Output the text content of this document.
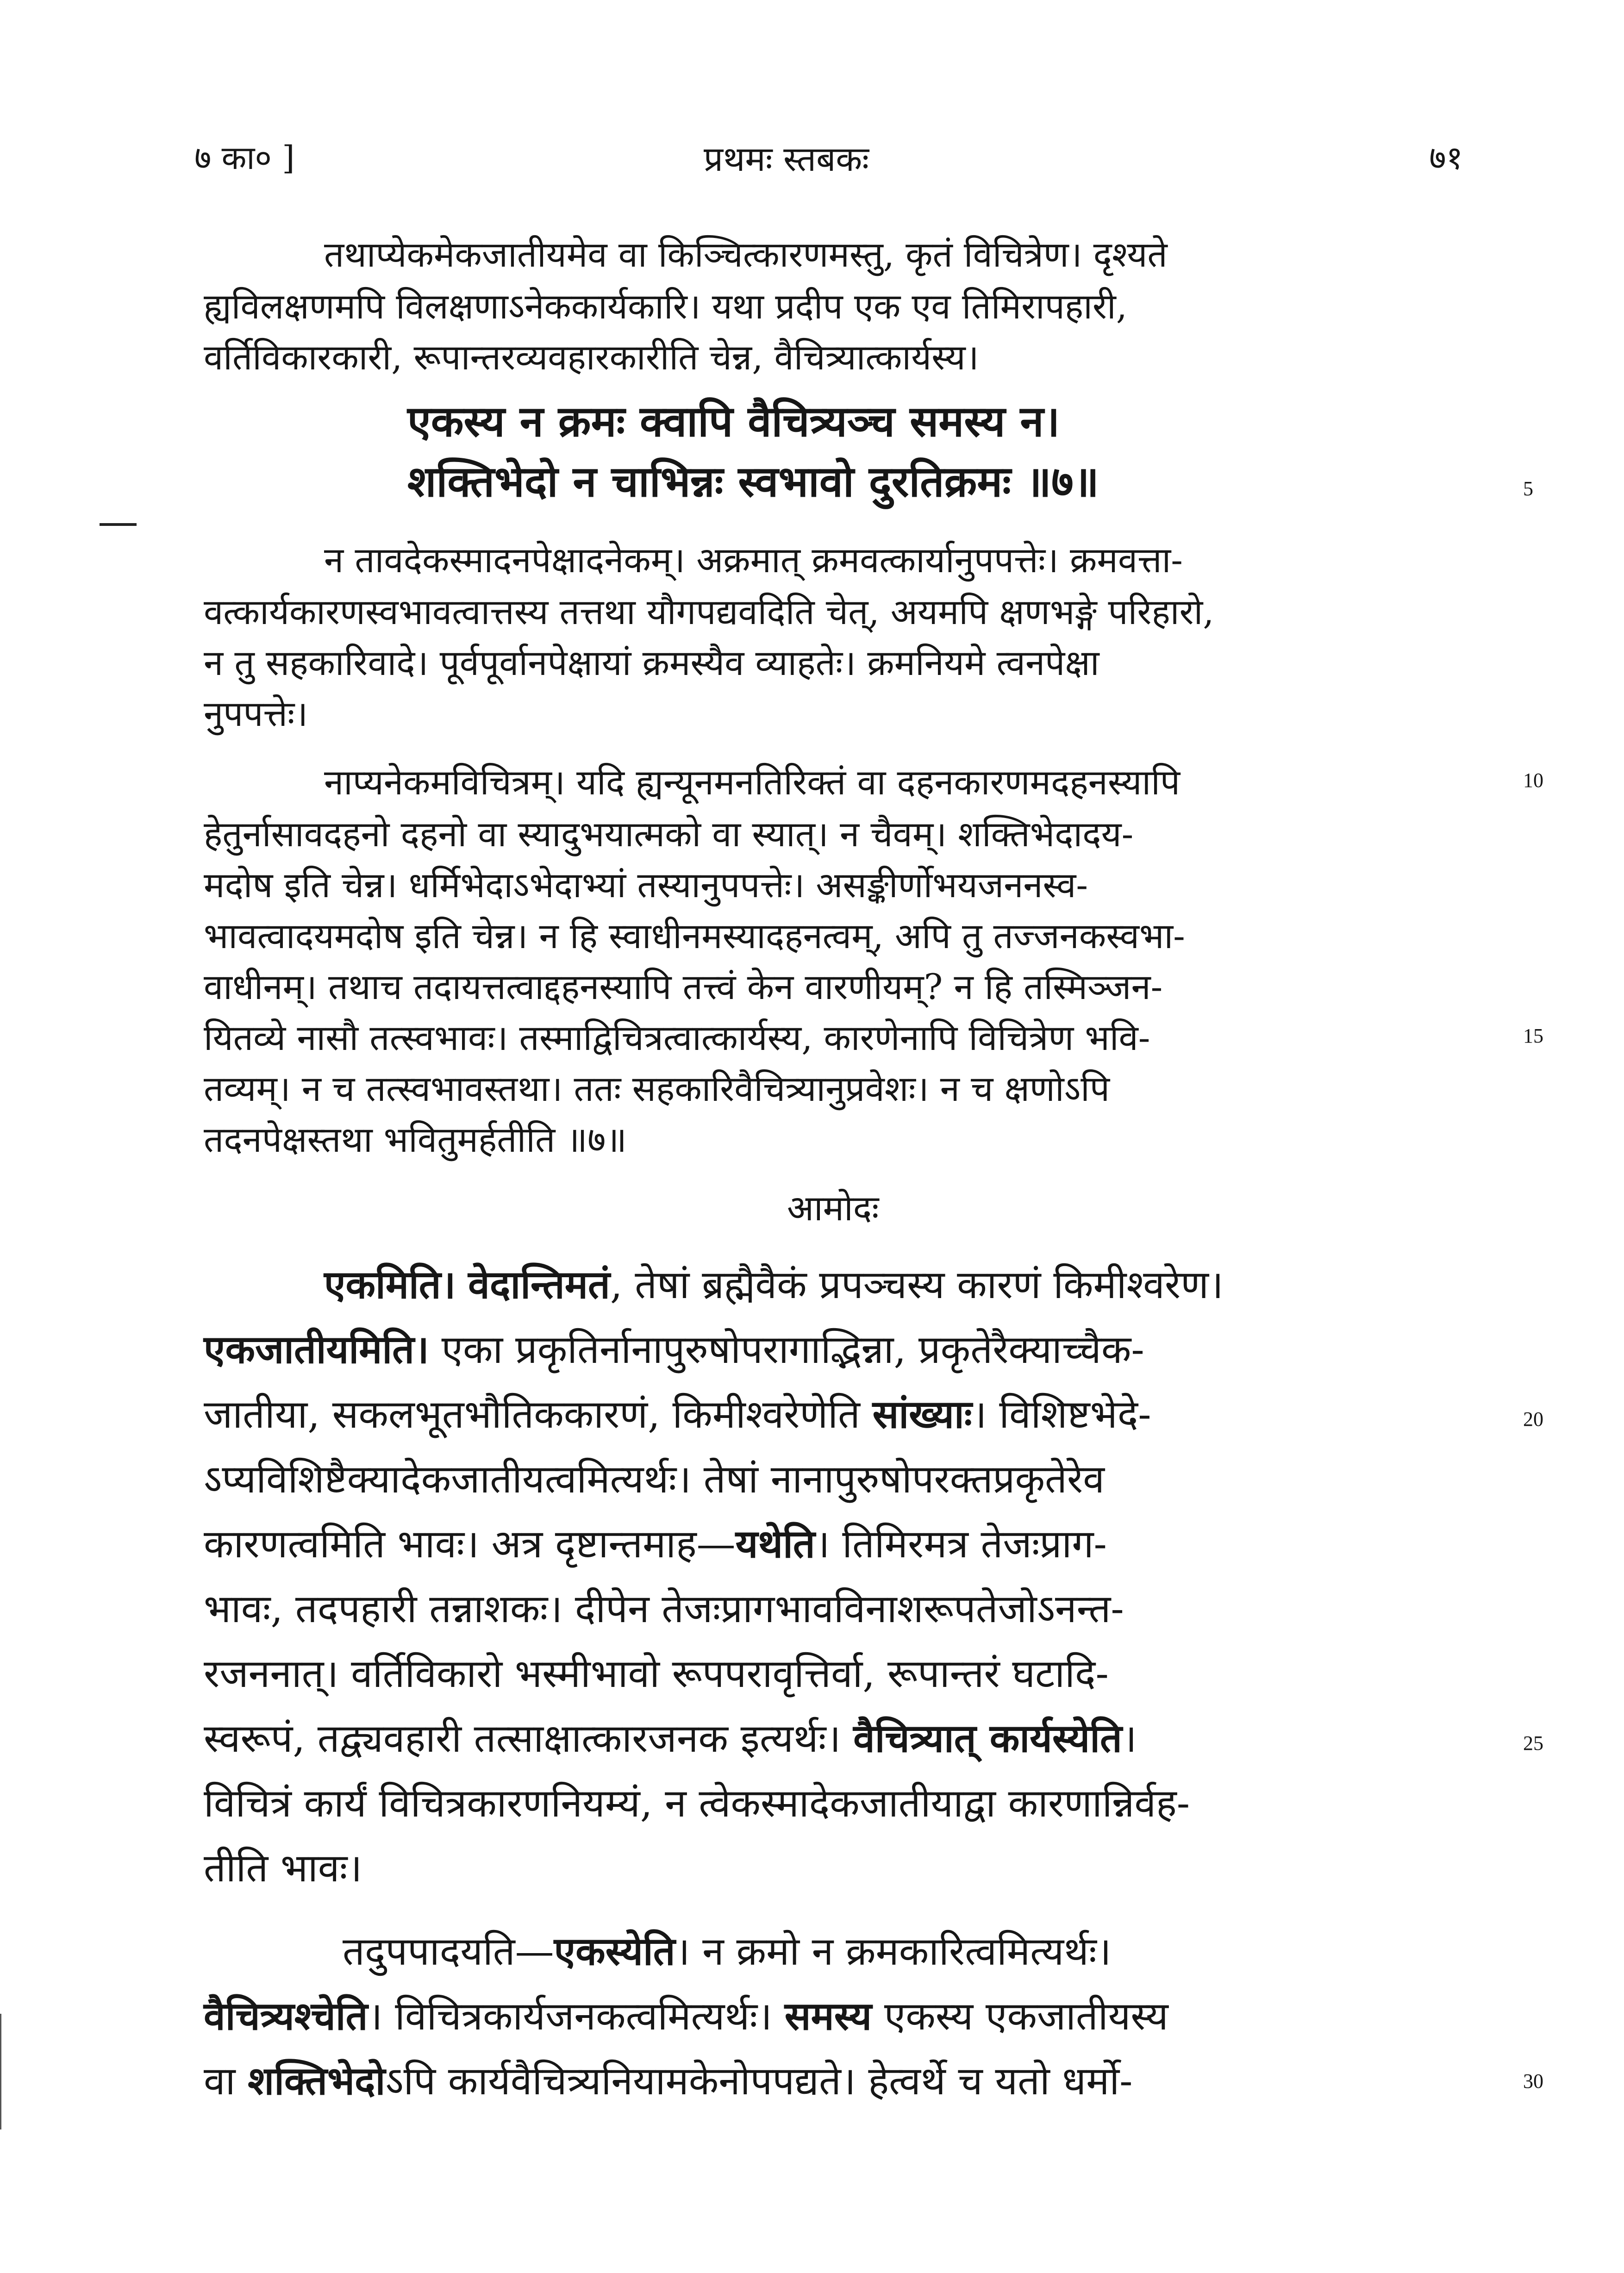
७ का० ]	प्रथमः स्तबकः	७१
तथाप्येकमेकजातीयमेव वा किञ्चित्कारणमस्तु, कृतं विचित्रेण। दृश्यते
ह्यविलक्षणमपि विलक्षणाऽनेककार्यकारि। यथा प्रदीप एक एव तिमिरापहारी,
वर्तिविकारकारी, रूपान्तरव्यवहारकारीति चेन्न, वैचित्र्यात्कार्यस्य।
एकस्य न क्रमः क्वापि वैचित्र्यञ्च समस्य न।
शक्तिभेदो न चाभिन्नः स्वभावो दुरतिक्रमः ॥७॥	5
न तावदेकस्मादनपेक्षादनेकम्। अक्रमात् क्रमवत्कार्यानुपपत्तेः। क्रमवत्ता-
वत्कार्यकारणस्वभावत्वात्तस्य तत्तथा यौगपद्यवदिति चेत्, अयमपि क्षणभङ्गे परिहारो,
न तु सहकारिवादे। पूर्वपूर्वानपेक्षायां क्रमस्यैव व्याहतेः। क्रमनियमे त्वनपेक्षा
नुपपत्तेः।
नाप्यनेकमविचित्रम्। यदि ह्यन्यूनमनतिरिक्तं वा दहनकारणमदहनस्यापि	10
हेतुर्नासावदहनो दहनो वा स्यादुभयात्मको वा स्यात्। न चैवम्। शक्तिभेदादय-
मदोष इति चेन्न। धर्मिभेदाऽभेदाभ्यां तस्यानुपपत्तेः। असङ्कीर्णोभयजननस्व-
भावत्वादयमदोष इति चेन्न। न हि स्वाधीनमस्यादहनत्वम्, अपि तु तज्जनकस्वभा-
वाधीनम्। तथाच तदायत्तत्वाद्दहनस्यापि तत्त्वं केन वारणीयम्? न हि तस्मिञ्जन-
यितव्ये नासौ तत्स्वभावः। तस्माद्विचित्रत्वात्कार्यस्य, कारणेनापि विचित्रेण भवि-	15
तव्यम्। न च तत्स्वभावस्तथा। ततः सहकारिवैचित्र्यानुप्रवेशः। न च क्षणोऽपि
तदनपेक्षस्तथा भवितुमर्हतीति ॥७॥
आमोदः
एकमिति। वेदान्तिमतं, तेषां ब्रह्मैवैकं प्रपञ्चस्य कारणं किमीश्वरेण।
एकजातीयमिति। एका प्रकृतिर्नानापुरुषोपरागाद्भिन्ना, प्रकृतेरैक्याच्चैक-
जातीया, सकलभूतभौतिककारणं, किमीश्वरेणेति सांख्याः। विशिष्टभेदे-	20
ऽप्यविशिष्टैक्यादेकजातीयत्वमित्यर्थः। तेषां नानापुरुषोपरक्तप्रकृतेरेव
कारणत्वमिति भावः। अत्र दृष्टान्तमाह—यथेति। तिमिरमत्र तेजःप्राग-
भावः, तदपहारी तन्नाशकः। दीपेन तेजःप्रागभावविनाशरूपतेजोऽनन्त-
रजननात्। वर्तिविकारो भस्मीभावो रूपपरावृत्तिर्वा, रूपान्तरं घटादि-
स्वरूपं, तद्व्यवहारी तत्साक्षात्कारजनक इत्यर्थः। वैचित्र्यात् कार्यस्येति।	25
विचित्रं कार्यं विचित्रकारणनियम्यं, न त्वेकस्मादेकजातीयाद्वा कारणान्निर्वह-
तीति भावः।
तदुपपादयति—एकस्येति। न क्रमो न क्रमकारित्वमित्यर्थः।
वैचित्र्यश्चेति। विचित्रकार्यजनकत्वमित्यर्थः। समस्य एकस्य एकजातीयस्य
वा शक्तिभेदोऽपि कार्यवैचित्र्यनियामकेनोपपद्यते। हेत्वर्थे च यतो धर्मो-	30
